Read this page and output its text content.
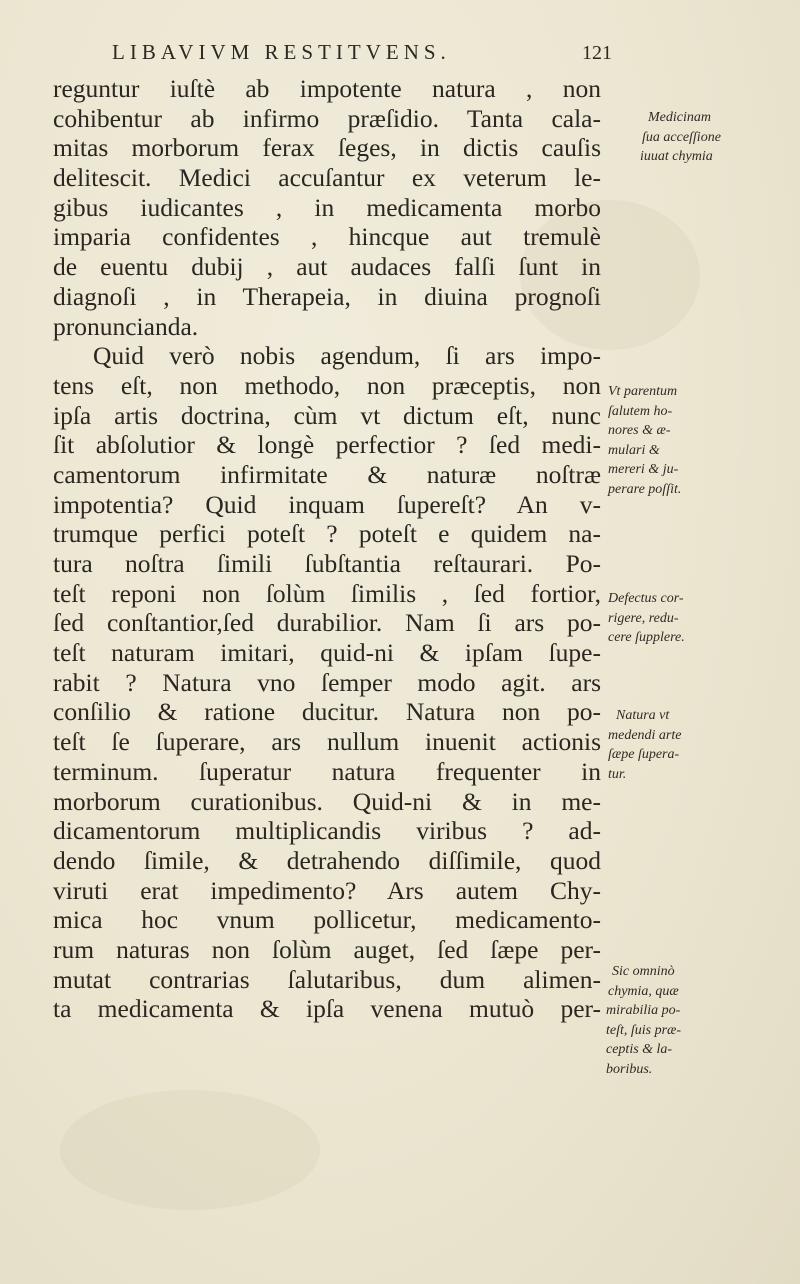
LIBAVIVM RESTITVENS.	121
reguntur iuſtè ab impotente natura , non
cohibentur ab infirmo præſidio. Tanta cala-
mitas morborum ferax ſeges, in dictis cauſis
delitescit. Medici accuſantur ex veterum le-
gibus iudicantes , in medicamenta morbo
imparia confidentes , hincque aut tremulè
de euentu dubij , aut audaces falſi ſunt in
diagnoſi , in Therapeia, in diuina prognoſi
pronuncianda.
Quid verò nobis agendum, ſi ars impo-
tens eſt, non methodo, non præceptis, non
ipſa artis doctrina, cùm vt dictum eſt, nunc
ſit abſolutior & longè perfectior ? ſed medi-
camentorum infirmitate & naturæ noſtræ
impotentia? Quid inquam ſupereſt? An v-
trumque perfici poteſt ? poteſt e quidem na-
tura noſtra ſimili ſubſtantia reſtaurari. Po-
teſt reponi non ſolùm ſimilis , ſed fortior,
ſed conſtantior,ſed durabilior. Nam ſi ars po-
teſt naturam imitari, quid-ni & ipſam ſupe-
rabit ? Natura vno ſemper modo agit. ars
conſilio & ratione ducitur. Natura non po-
teſt ſe ſuperare, ars nullum inuenit actionis
terminum. ſuperatur natura frequenter in
morborum curationibus. Quid-ni & in me-
dicamentorum multiplicandis viribus ? ad-
dendo ſimile, & detrahendo diſſimile, quod
viruti erat impedimento? Ars autem Chy-
mica hoc vnum pollicetur, medicamento-
rum naturas non ſolùm auget, ſed ſæpe per-
mutat contrarias ſalutaribus, dum alimen-
ta medicamenta & ipſa venena mutuò per-
Medicinam
ſua acceſſione
iuuat chymia
Vt parentum
ſalutem ho-
nores & æ-
mulari &
mereri & ju-
perare poſſit.
Defectus cor-
rigere, redu-
cere ſupplere.
Natura vt
medendi arte
ſæpe ſupera-
tur.
Sic omninò
chymia, quæ
mirabilia po-
teſt, ſuis præ-
ceptis & la-
boribus.
